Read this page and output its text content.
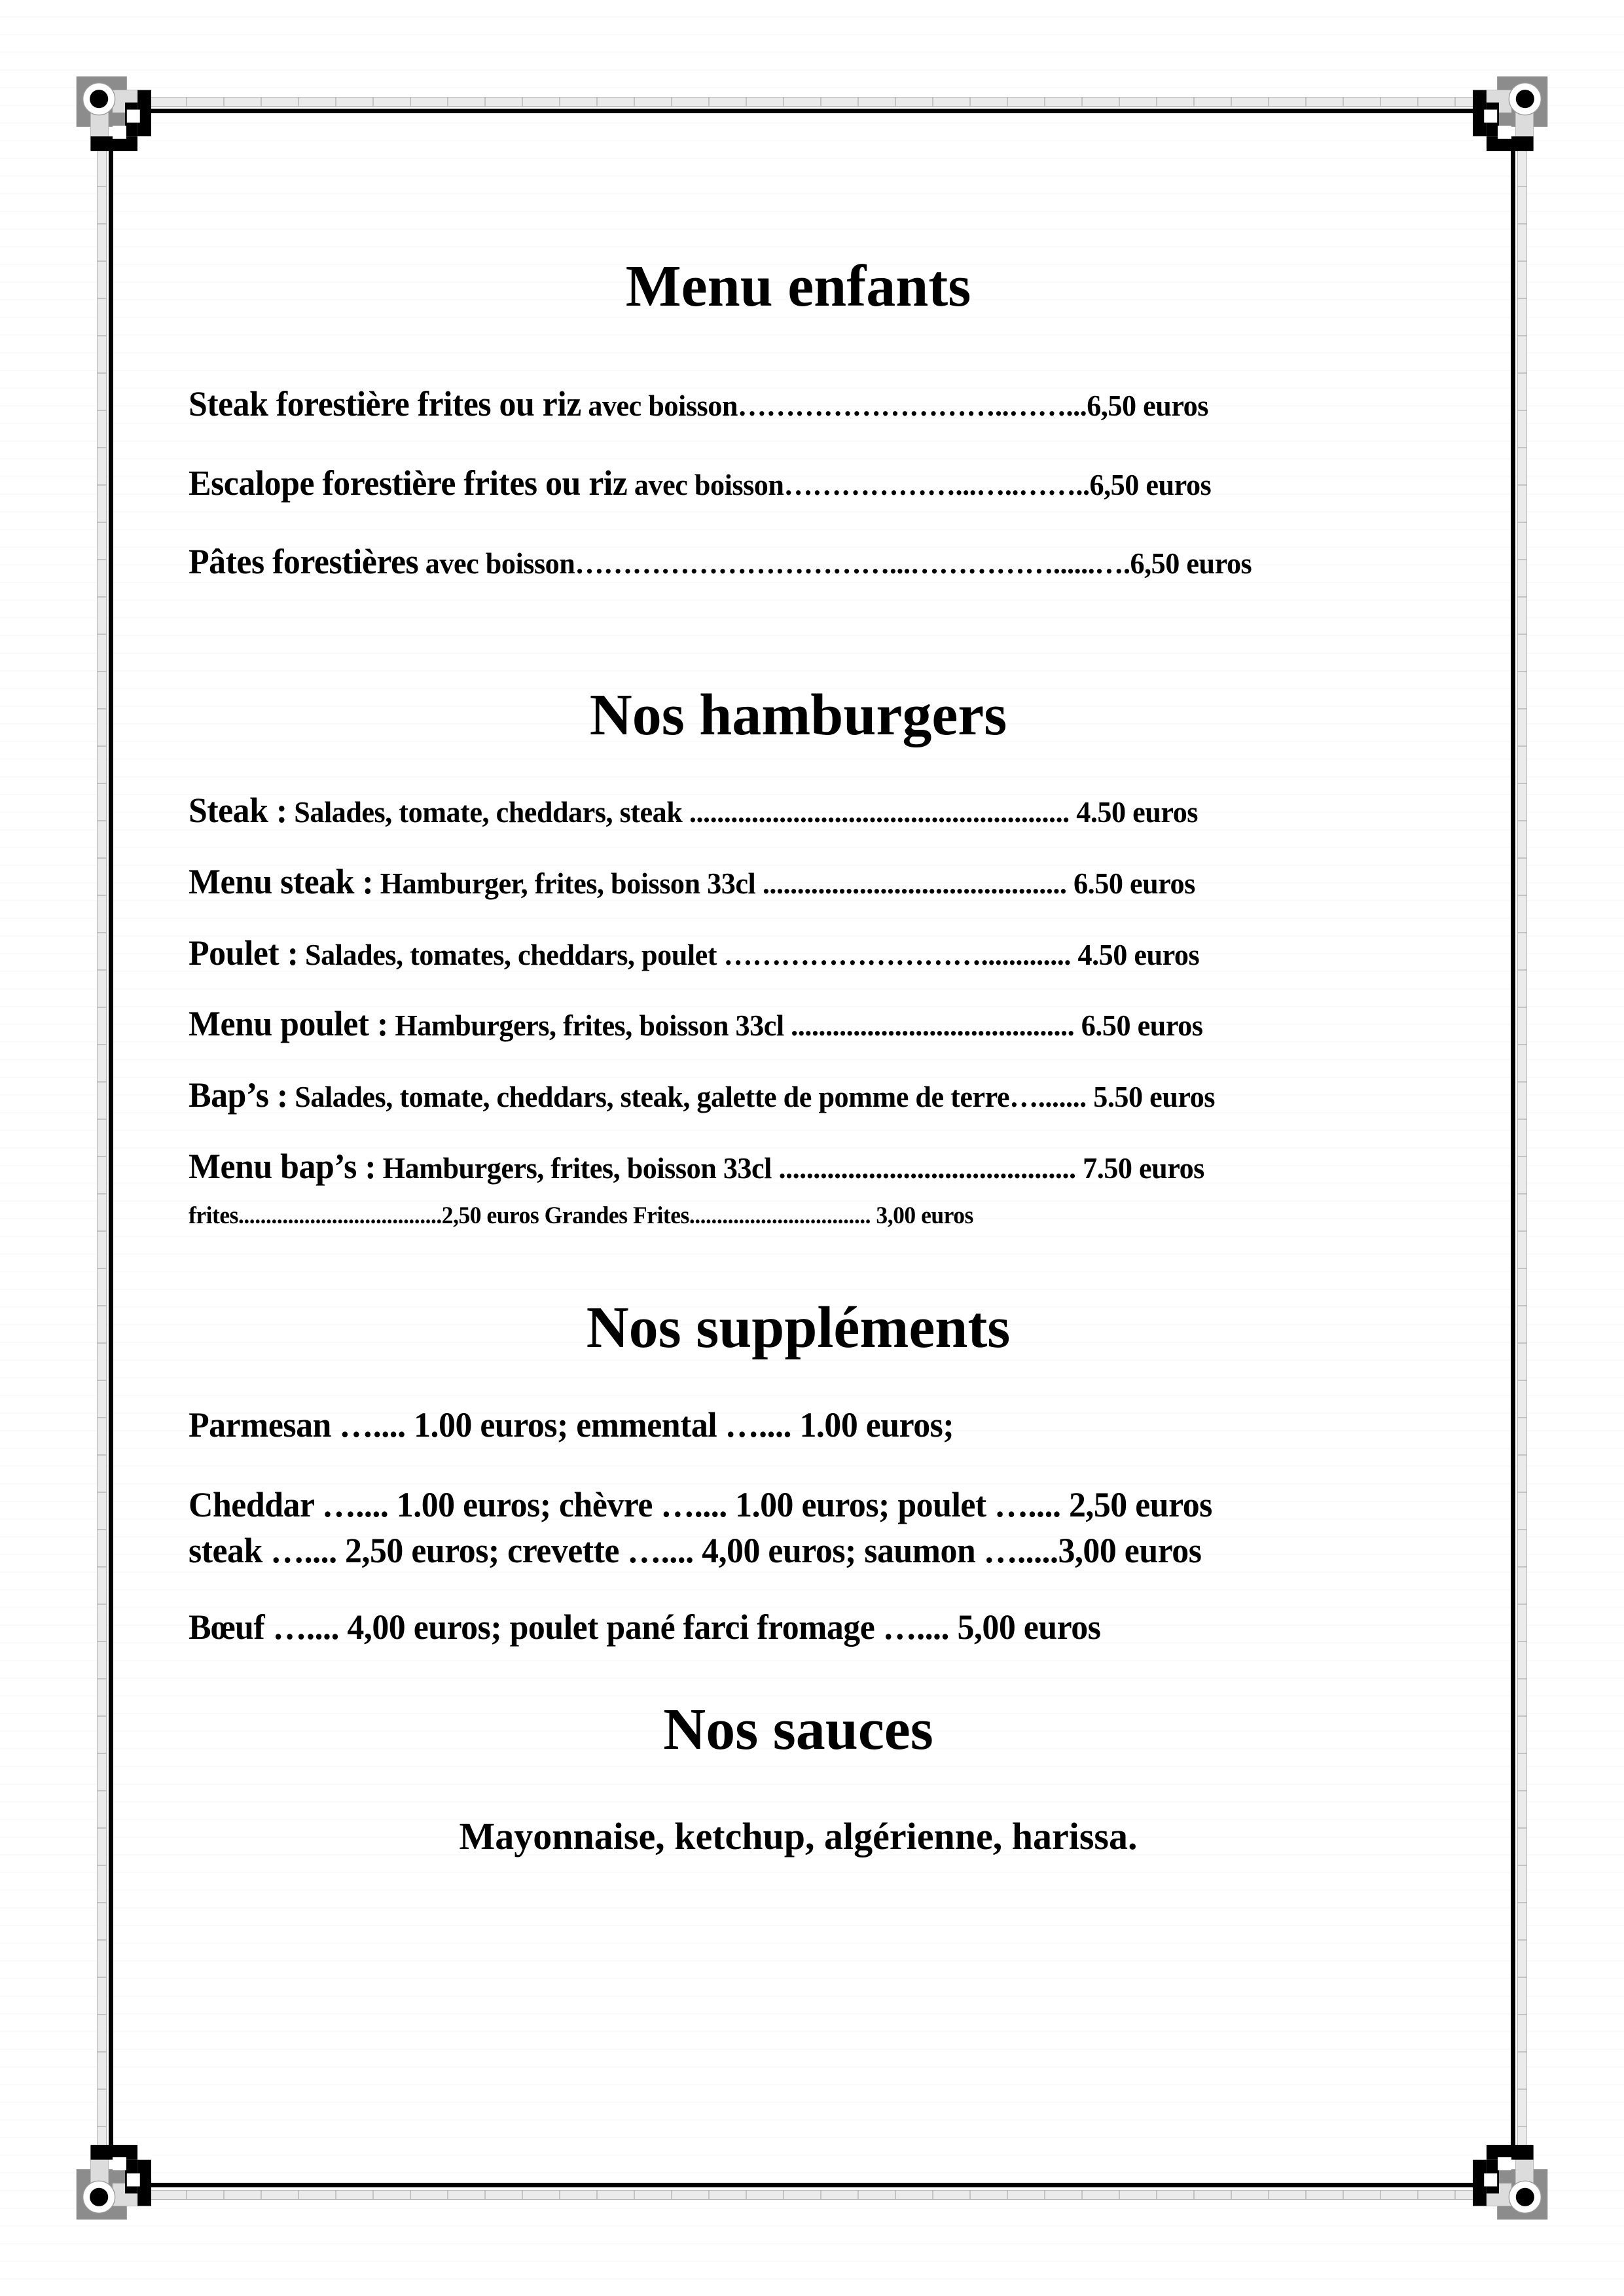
Menu enfants
Steak forestière frites ou riz avec boisson………………………..……...6,50 euros
Escalope forestière frites ou riz avec boisson………………...…..……..6,50 euros
Pâtes forestières avec boisson……………………………...……………......….6,50 euros
Nos hamburgers
Steak : Salades, tomate, cheddars, steak ....................................................... 4.50 euros
Menu steak : Hamburger, frites, boisson 33cl ............................................ 6.50 euros
Poulet : Salades, tomates, cheddars, poulet ………………………............. 4.50 euros
Menu poulet : Hamburgers, frites, boisson 33cl ......................................... 6.50 euros
Bap’s : Salades, tomate, cheddars, steak, galette de pomme de terre…....... 5.50 euros
Menu bap’s : Hamburgers, frites, boisson 33cl ........................................... 7.50 euros
frites.....................................2,50 euros Grandes Frites................................. 3,00 euros
Nos suppléments
Parmesan ….... 1.00 euros; emmental ….... 1.00 euros;
Cheddar ….... 1.00 euros; chèvre ….... 1.00 euros; poulet ….... 2,50 euros
steak ….... 2,50 euros; crevette ….... 4,00 euros; saumon ….....3,00 euros
Bœuf ….... 4,00 euros; poulet pané farci fromage ….... 5,00 euros
Nos sauces
Mayonnaise, ketchup, algérienne, harissa.
